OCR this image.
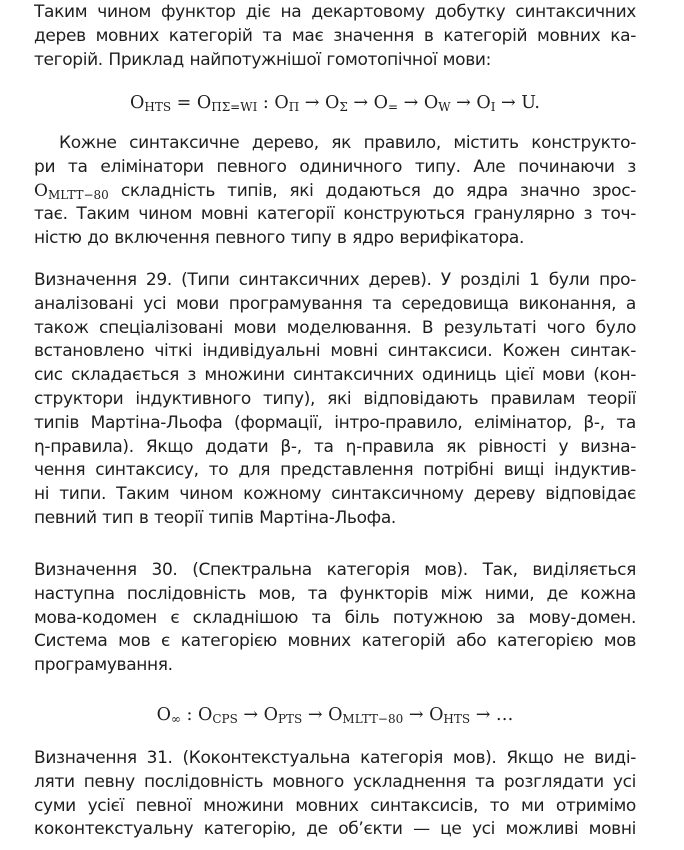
Таким чином функтор діє на декартовому добутку синтаксичних
дерев мовних категорій та має значення в категорій мовних ка-
тегорій. Приклад найпотужнішої гомотопічної мови:
$O_{HTS} = O_{\Pi\Sigma=WI}$ : $O_\Pi \to O_\Sigma \to O_= \to O_W \to O_I \to U$.
Кожне синтаксичне дерево, як правило, містить конструкто-
ри та елімінатори певного одиничного типу. Але починаючи з
$O_{MLTT-80}$ складність типів, які додаються до ядра значно зрос-
тає. Таким чином мовні категорії конструються гранулярно з точ-
ністю до включення певного типу в ядро верифікатора.
Визначення 29. (Типи синтаксичних дерев). У розділі 1 були про-
аналізовані усі мови програмування та середовища виконання, а
також спеціалізовані мови моделювання. В результаті чого було
встановлено чіткі індивідуальні мовні синтаксиси. Кожен синтак-
сис складається з множини синтаксичних одиниць цієї мови (кон-
структори індуктивного типу), які відповідають правилам теорії
типів Мартіна-Льофа (формації, інтро-правило, елімінатор, β-, та
η-правила). Якщо додати β-, та η-правила як рівності у визна-
чення синтаксису, то для представлення потрібні вищі індуктив-
ні типи. Таким чином кожному синтаксичному дереву відповідає
певний тип в теорії типів Мартіна-Льофа.
Визначення 30. (Спектральна категорія мов). Так, виділяється
наступна послідовність мов, та функторів між ними, де кожна
мова-кодомен є складнішою та біль потужною за мову-домен.
Система мов є категорією мовних категорій або категорією мов
програмування.
$O_\infty$ : $O_{CPS} \to O_{PTS} \to O_{MLTT-80} \to O_{HTS}$ → …
Визначення 31. (Коконтекстуальна категорія мов). Якщо не виді-
ляти певну послідовність мовного ускладнення та розглядати усі
суми усієї певної множини мовних синтаксисів, то ми отримімо
коконтекстуальну категорію, де об’єкти — це усі можливі мовні
